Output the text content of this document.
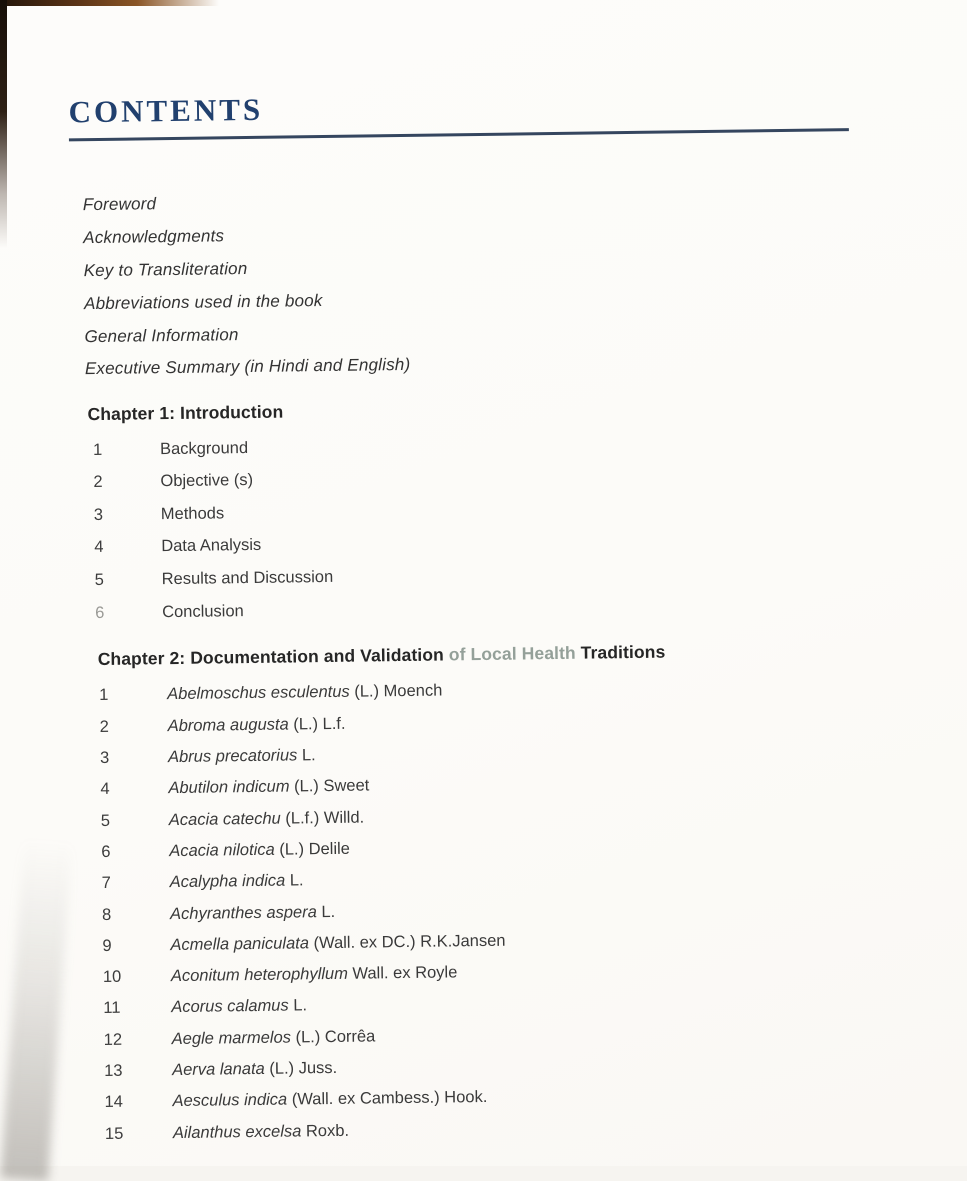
CONTENTS
Foreword
Acknowledgments
Key to Transliteration
Abbreviations used in the book
General Information
Executive Summary (in Hindi and English)
Chapter 1: Introduction
1	Background
2	Objective (s)
3	Methods
4	Data Analysis
5	Results and Discussion
6	Conclusion
Chapter 2: Documentation and Validation of Local Health Traditions
1	Abelmoschus esculentus (L.) Moench
2	Abroma augusta (L.) L.f.
3	Abrus precatorius L.
4	Abutilon indicum (L.) Sweet
5	Acacia catechu (L.f.) Willd.
6	Acacia nilotica (L.) Delile
7	Acalypha indica L.
8	Achyranthes aspera L.
9	Acmella paniculata (Wall. ex DC.) R.K.Jansen
10	Aconitum heterophyllum Wall. ex Royle
11	Acorus calamus L.
12	Aegle marmelos (L.) Corrêa
13	Aerva lanata (L.) Juss.
14	Aesculus indica (Wall. ex Cambess.) Hook.
15	Ailanthus excelsa Roxb.
